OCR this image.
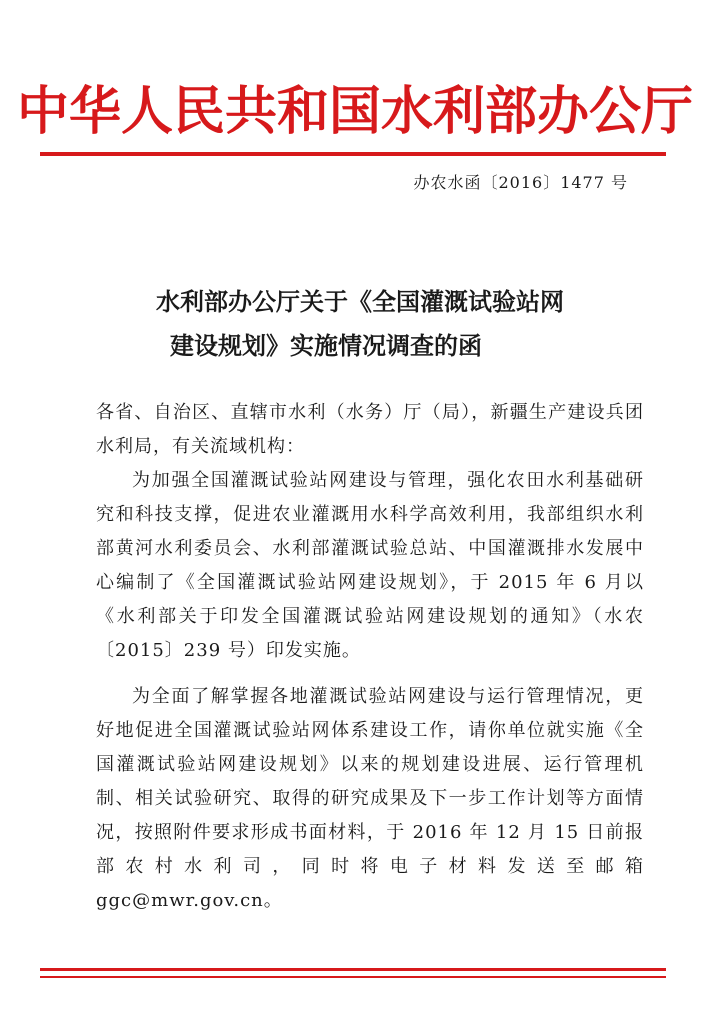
中华人民共和国水利部办公厅
办农水函〔2016〕1477 号
水利部办公厅关于《全国灌溉试验站网
建设规划》实施情况调查的函

各省、自治区、直辖市水利（水务）厅（局），新疆生产建设兵团水利局，有关流域机构：

为加强全国灌溉试验站网建设与管理，强化农田水利基础研究和科技支撑，促进农业灌溉用水科学高效利用，我部组织水利部黄河水利委员会、水利部灌溉试验总站、中国灌溉排水发展中心编制了《全国灌溉试验站网建设规划》，于 2015 年 6 月以《水利部关于印发全国灌溉试验站网建设规划的通知》（水农〔2015〕239 号）印发实施。

为全面了解掌握各地灌溉试验站网建设与运行管理情况，更好地促进全国灌溉试验站网体系建设工作，请你单位就实施《全国灌溉试验站网建设规划》以来的规划建设进展、运行管理机制、相关试验研究、取得的研究成果及下一步工作计划等方面情况，按照附件要求形成书面材料，于 2016 年 12 月 15 日前报部农村水利司，同时将电子材料发送至邮箱 ggc@mwr.gov.cn。
